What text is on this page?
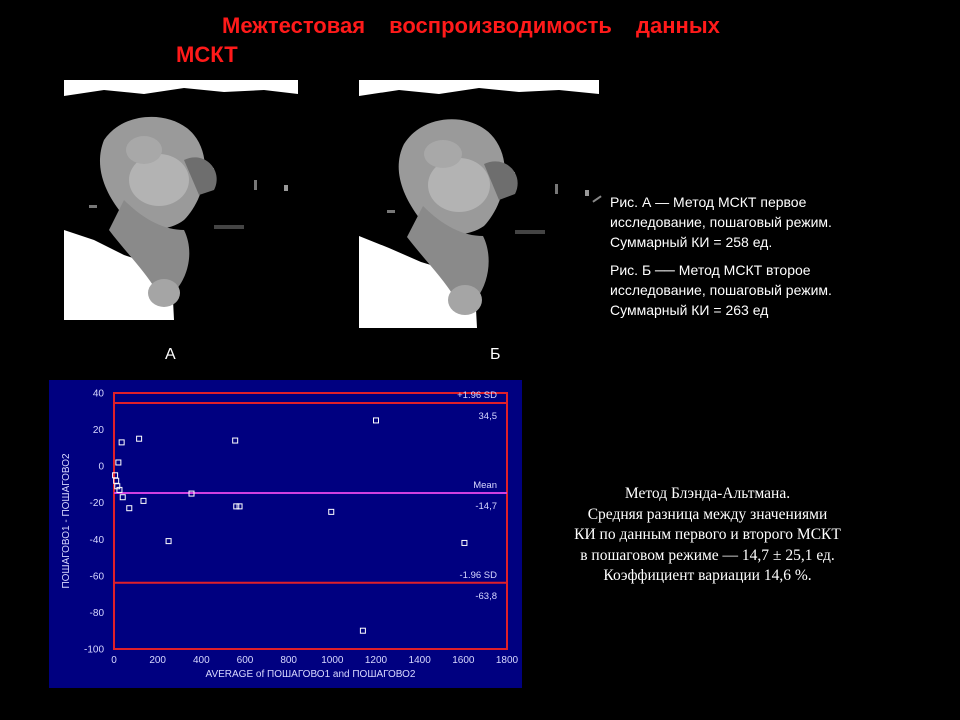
Межтестовая воспроизводимость данных
МСКТ
А	Б
Рис. А — Метод МСКТ первое
исследование, пошаговый режим.
Суммарный КИ = 258 ед.
Рис. Б ── Метод МСКТ второе
исследование, пошаговый режим.
Суммарный КИ = 263 ед
Метод Блэнда-Альтмана.
Средняя разница между значениями
КИ по данным первого и второго МСКТ
в пошаговом режиме — 14,7 ± 25,1 ед.
Коэффициент вариации 14,6 %.
40
20
0
-20
-40
-60
-80
-100
0	200	400	600	800 1000 1200 1400 1600 1800
AVERAGE of ПОШАГОВО1 and ПОШАГОВО2
ПОШАГОВО1 - ПОШАГОВО2
+1.96 SD
34,5
Mean
-14,7
-1.96 SD
-63,8
